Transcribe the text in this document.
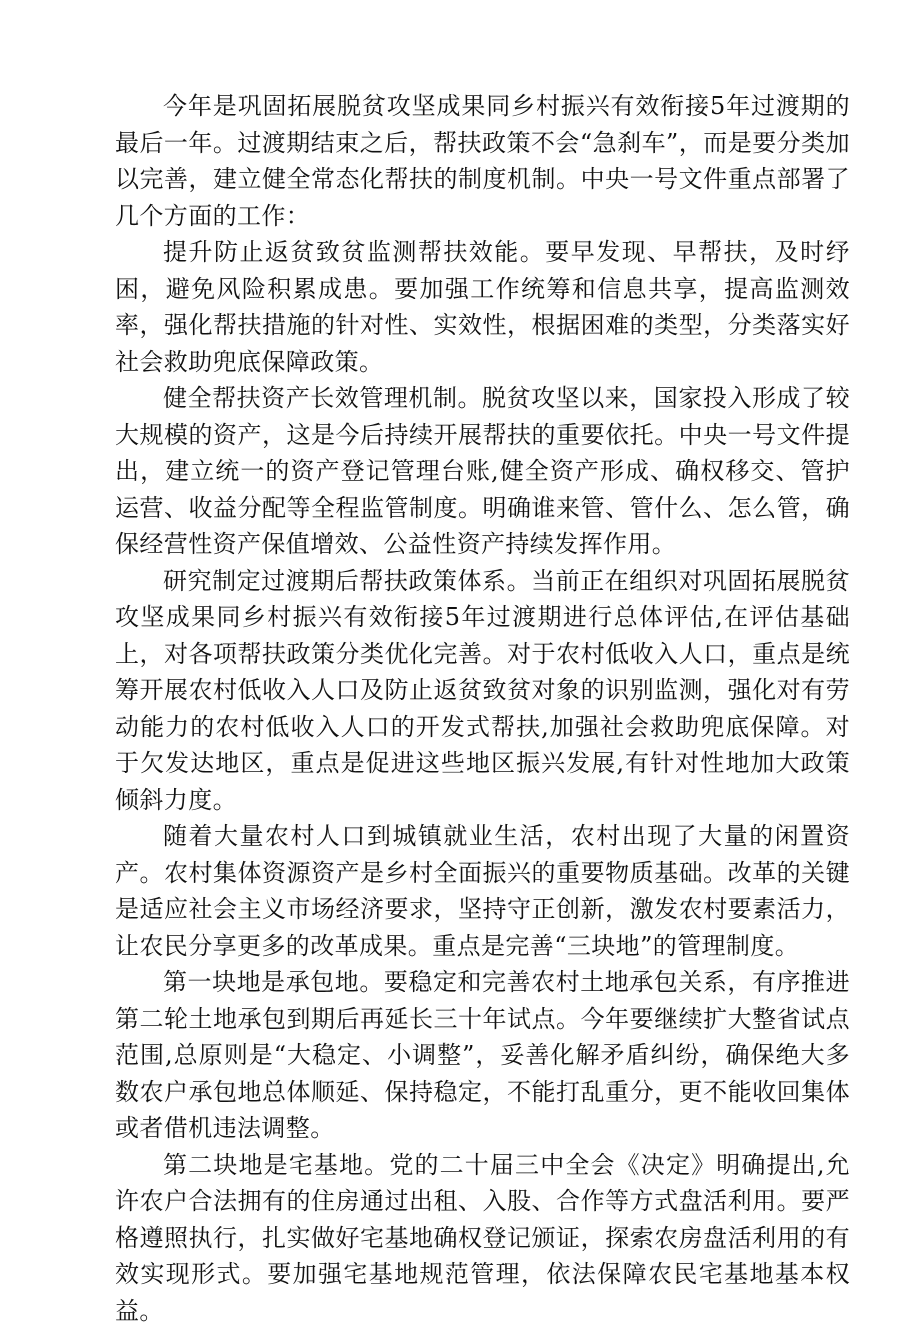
今年是巩固拓展脱贫攻坚成果同乡村振兴有效衔接5年过渡期的最后一年。过渡期结束之后，帮扶政策不会“急刹车”，而是要分类加以完善，建立健全常态化帮扶的制度机制。中央一号文件重点部署了几个方面的工作：

提升防止返贫致贫监测帮扶效能。要早发现、早帮扶，及时纾困，避免风险积累成患。要加强工作统筹和信息共享，提高监测效率，强化帮扶措施的针对性、实效性，根据困难的类型，分类落实好社会救助兜底保障政策。

健全帮扶资产长效管理机制。脱贫攻坚以来，国家投入形成了较大规模的资产，这是今后持续开展帮扶的重要依托。中央一号文件提出，建立统一的资产登记管理台账,健全资产形成、确权移交、管护运营、收益分配等全程监管制度。明确谁来管、管什么、怎么管，确保经营性资产保值增效、公益性资产持续发挥作用。

研究制定过渡期后帮扶政策体系。当前正在组织对巩固拓展脱贫攻坚成果同乡村振兴有效衔接5年过渡期进行总体评估,在评估基础上，对各项帮扶政策分类优化完善。对于农村低收入人口，重点是统筹开展农村低收入人口及防止返贫致贫对象的识别监测，强化对有劳动能力的农村低收入人口的开发式帮扶,加强社会救助兜底保障。对于欠发达地区，重点是促进这些地区振兴发展,有针对性地加大政策倾斜力度。

随着大量农村人口到城镇就业生活，农村出现了大量的闲置资产。农村集体资源资产是乡村全面振兴的重要物质基础。改革的关键是适应社会主义市场经济要求，坚持守正创新，激发农村要素活力，让农民分享更多的改革成果。重点是完善“三块地”的管理制度。

第一块地是承包地。要稳定和完善农村土地承包关系，有序推进第二轮土地承包到期后再延长三十年试点。今年要继续扩大整省试点范围,总原则是“大稳定、小调整”，妥善化解矛盾纠纷，确保绝大多数农户承包地总体顺延、保持稳定，不能打乱重分，更不能收回集体或者借机违法调整。

第二块地是宅基地。党的二十届三中全会《决定》明确提出,允许农户合法拥有的住房通过出租、入股、合作等方式盘活利用。要严格遵照执行，扎实做好宅基地确权登记颁证，探索农房盘活利用的有效实现形式。要加强宅基地规范管理，依法保障农民宅基地基本权益。
